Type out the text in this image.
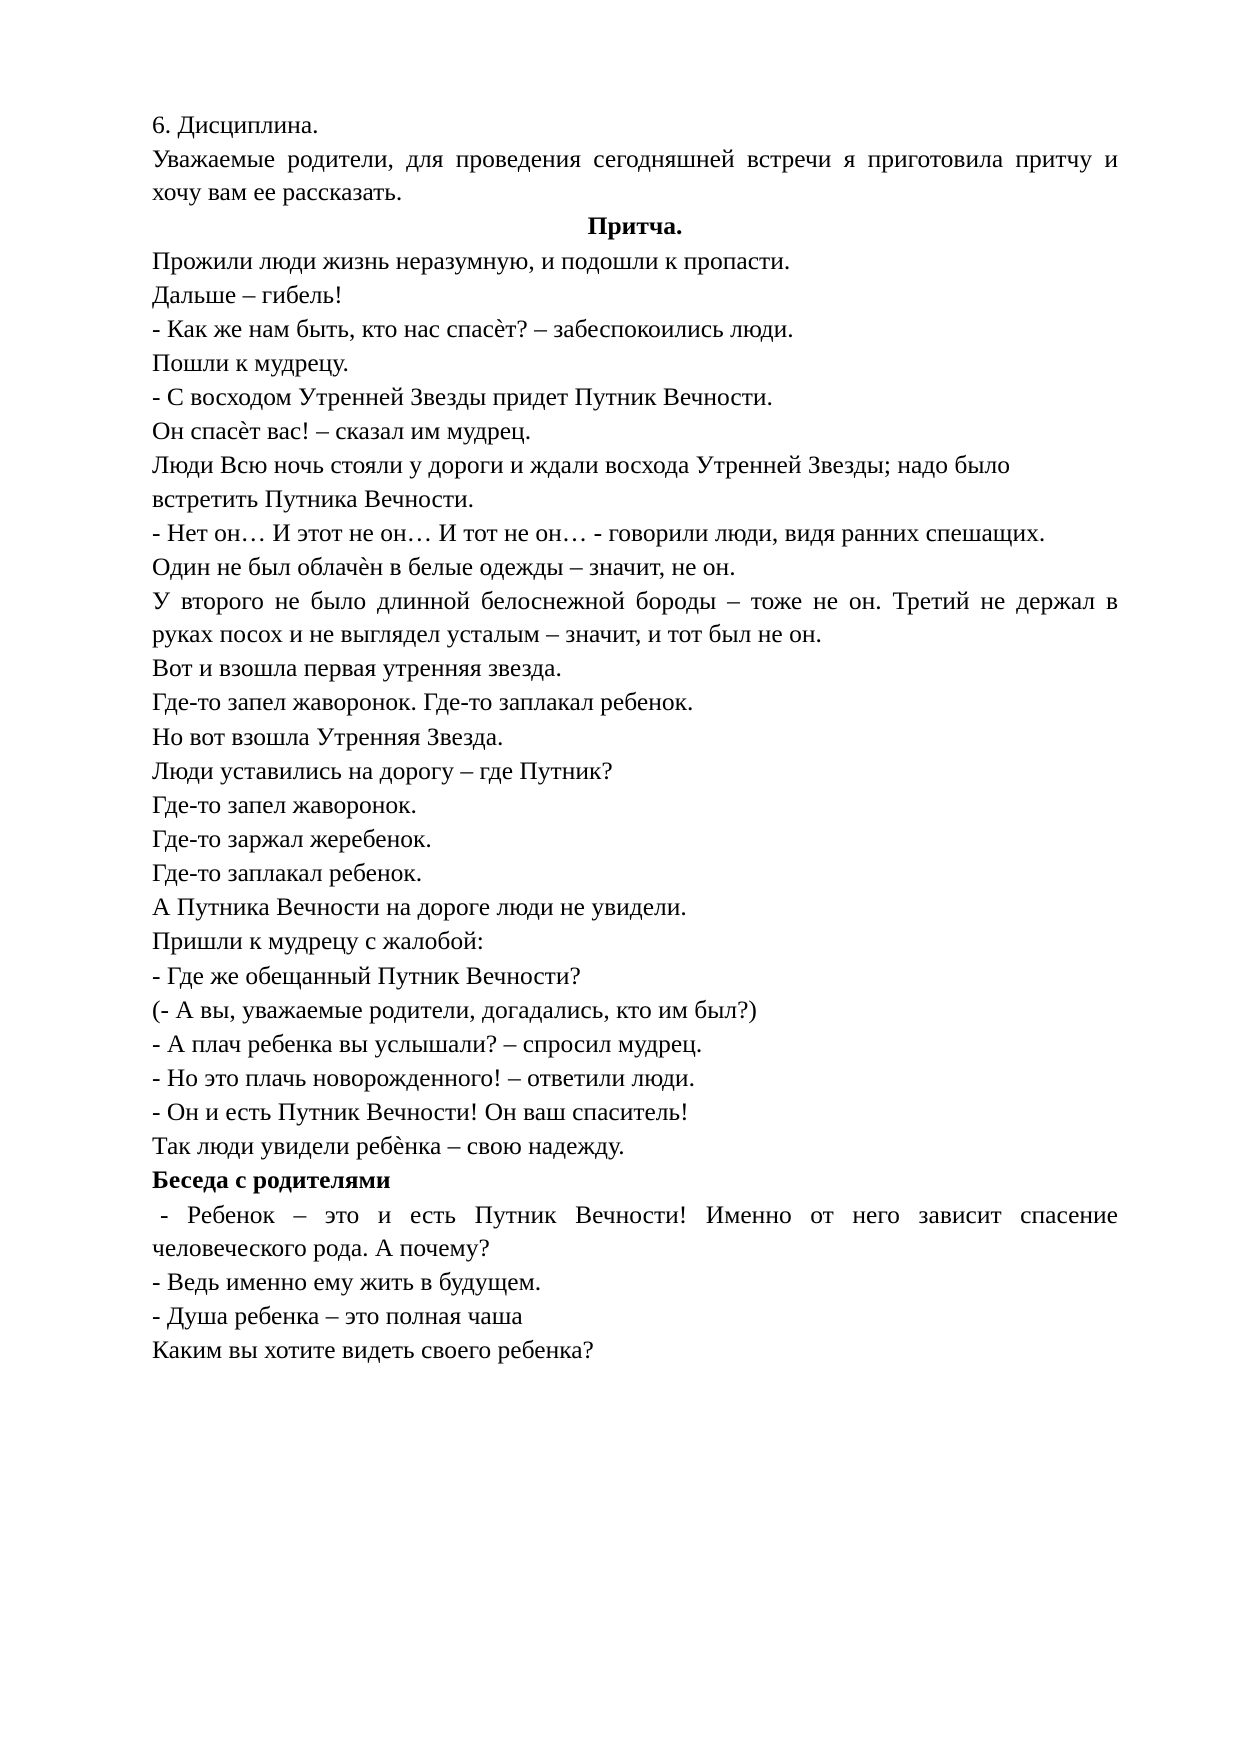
6. Дисциплина.

Уважаемые родители, для проведения сегодняшней встречи я приготовила притчу и хочу вам ее рассказать.

Притча.

Прожили люди жизнь неразумную, и подошли к пропасти.

Дальше – гибель!

- Как же нам быть, кто нас спасѐт? – забеспокоились люди.

Пошли к мудрецу.

- С восходом Утренней Звезды придет Путник Вечности.

Он спасѐт вас! – сказал им мудрец.

Люди Всю ночь стояли у дороги и ждали восхода Утренней Звезды; надо было встретить Путника Вечности.

- Нет он… И этот не он… И тот не он… - говорили люди, видя ранних спешащих.

Один не был облачѐн в белые одежды – значит, не он.

У второго не было длинной белоснежной бороды – тоже не он. Третий не держал в руках посох и не выглядел усталым – значит, и тот был не он.

Вот и взошла первая утренняя звезда.

Где-то запел жаворонок. Где-то заплакал ребенок.

Но вот взошла Утренняя Звезда.

Люди уставились на дорогу – где Путник?

Где-то запел жаворонок.

Где-то заржал жеребенок.

Где-то заплакал ребенок.

А Путника Вечности на дороге люди не увидели.

Пришли к мудрецу с жалобой:

- Где же обещанный Путник Вечности?

(- А вы, уважаемые родители, догадались, кто им был?)

- А плач ребенка вы услышали? – спросил мудрец.

- Но это плачь новорожденного! – ответили люди.

- Он и есть Путник Вечности! Он ваш спаситель!

Так люди увидели ребѐнка – свою надежду.

Беседа с родителями

- Ребенок – это и есть Путник Вечности! Именно от него зависит спасение человеческого рода. А почему?

- Ведь именно ему жить в будущем.

- Душа ребенка – это полная чаша

Каким вы хотите видеть своего ребенка?
